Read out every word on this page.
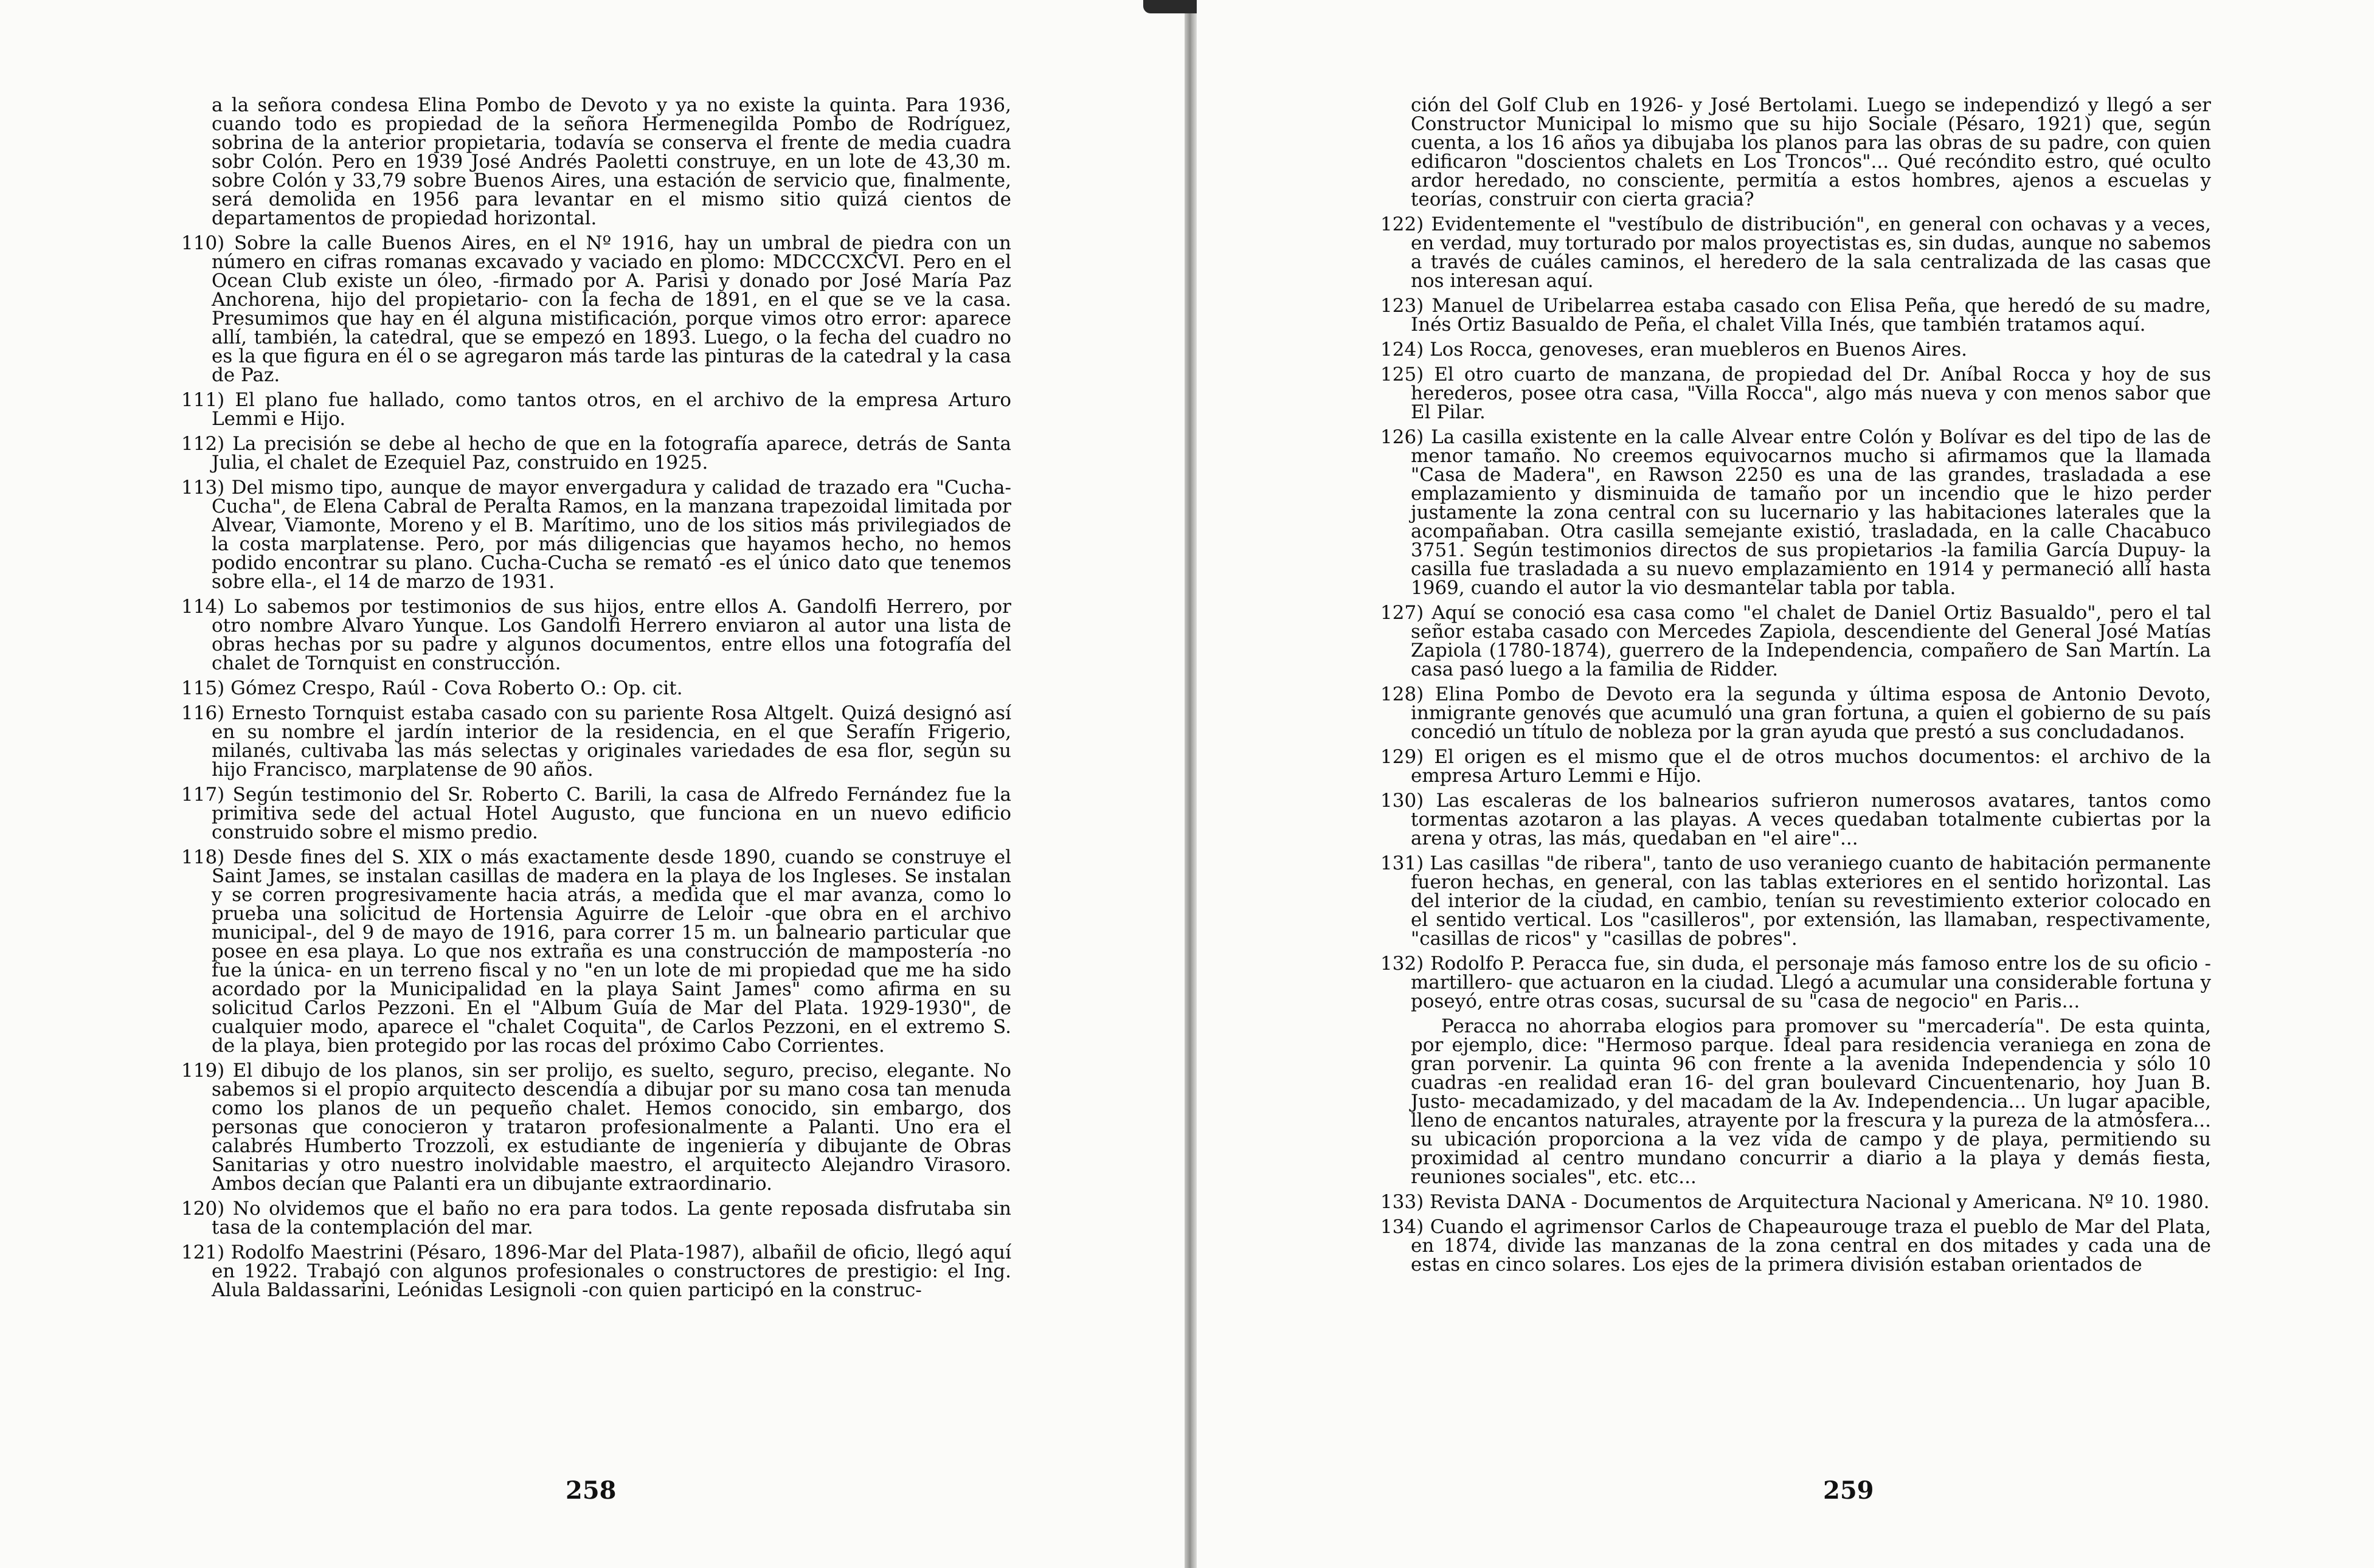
a la señora condesa Elina Pombo de Devoto y ya no existe la quinta. Para 1936, cuando todo es propiedad de la señora Hermenegilda Pombo de Rodríguez, sobrina de la anterior propietaria, todavía se conserva el frente de media cuadra sobr Colón. Pero en 1939 José Andrés Paoletti construye, en un lote de 43,30 m. sobre Colón y 33,79 sobre Buenos Aires, una estación de servicio que, finalmente, será demolida en 1956 para levantar en el mismo sitio quizá cientos de departamentos de propiedad horizontal.

110) Sobre la calle Buenos Aires, en el Nº 1916, hay un umbral de piedra con un número en cifras romanas excavado y vaciado en plomo: MDCCCXCVI. Pero en el Ocean Club existe un óleo, -firmado por A. Parisi y donado por José María Paz Anchorena, hijo del propietario- con la fecha de 1891, en el que se ve la casa. Presumimos que hay en él alguna mistificación, porque vimos otro error: aparece allí, también, la catedral, que se empezó en 1893. Luego, o la fecha del cuadro no es la que figura en él o se agregaron más tarde las pinturas de la catedral y la casa de Paz.

111) El plano fue hallado, como tantos otros, en el archivo de la empresa Arturo Lemmi e Hijo.

112) La precisión se debe al hecho de que en la fotografía aparece, detrás de Santa Julia, el chalet de Ezequiel Paz, construido en 1925.

113) Del mismo tipo, aunque de mayor envergadura y calidad de trazado era "Cucha-Cucha", de Elena Cabral de Peralta Ramos, en la manzana trapezoidal limitada por Alvear, Viamonte, Moreno y el B. Marítimo, uno de los sitios más privilegiados de la costa marplatense. Pero, por más diligencias que hayamos hecho, no hemos podido encontrar su plano. Cucha-Cucha se remató -es el único dato que tenemos sobre ella-, el 14 de marzo de 1931.

114) Lo sabemos por testimonios de sus hijos, entre ellos A. Gandolfi Herrero, por otro nombre Alvaro Yunque. Los Gandolfi Herrero enviaron al autor una lista de obras hechas por su padre y algunos documentos, entre ellos una fotografía del chalet de Tornquist en construcción.

115) Gómez Crespo, Raúl - Cova Roberto O.: Op. cit.

116) Ernesto Tornquist estaba casado con su pariente Rosa Altgelt. Quizá designó así en su nombre el jardín interior de la residencia, en el que Serafín Frigerio, milanés, cultivaba las más selectas y originales variedades de esa flor, según su hijo Francisco, marplatense de 90 años.

117) Según testimonio del Sr. Roberto C. Barili, la casa de Alfredo Fernández fue la primitiva sede del actual Hotel Augusto, que funciona en un nuevo edificio construido sobre el mismo predio.

118) Desde fines del S. XIX o más exactamente desde 1890, cuando se construye el Saint James, se instalan casillas de madera en la playa de los Ingleses. Se instalan y se corren progresivamente hacia atrás, a medida que el mar avanza, como lo prueba una solicitud de Hortensia Aguirre de Leloir -que obra en el archivo municipal-, del 9 de mayo de 1916, para correr 15 m. un balneario particular que posee en esa playa. Lo que nos extraña es una construcción de mampostería -no fue la única- en un terreno fiscal y no "en un lote de mi propiedad que me ha sido acordado por la Municipalidad en la playa Saint James" como afirma en su solicitud Carlos Pezzoni. En el "Album Guía de Mar del Plata. 1929-1930", de cualquier modo, aparece el "chalet Coquita", de Carlos Pezzoni, en el extremo S. de la playa, bien protegido por las rocas del próximo Cabo Corrientes.

119) El dibujo de los planos, sin ser prolijo, es suelto, seguro, preciso, elegante. No sabemos si el propio arquitecto descendía a dibujar por su mano cosa tan menuda como los planos de un pequeño chalet. Hemos conocido, sin embargo, dos personas que conocieron y trataron profesionalmente a Palanti. Uno era el calabrés Humberto Trozzoli, ex estudiante de ingeniería y dibujante de Obras Sanitarias y otro nuestro inolvidable maestro, el arquitecto Alejandro Virasoro. Ambos decían que Palanti era un dibujante extraordinario.

120) No olvidemos que el baño no era para todos. La gente reposada disfrutaba sin tasa de la contemplación del mar.

121) Rodolfo Maestrini (Pésaro, 1896-Mar del Plata-1987), albañil de oficio, llegó aquí en 1922. Trabajó con algunos profesionales o constructores de prestigio: el Ing. Alula Baldassarini, Leónidas Lesignoli -con quien participó en la construc-

258

ción del Golf Club en 1926- y José Bertolami. Luego se independizó y llegó a ser Constructor Municipal lo mismo que su hijo Sociale (Pésaro, 1921) que, según cuenta, a los 16 años ya dibujaba los planos para las obras de su padre, con quien edificaron "doscientos chalets en Los Troncos"... Qué recóndito estro, qué oculto ardor heredado, no consciente, permitía a estos hombres, ajenos a escuelas y teorías, construir con cierta gracia?

122) Evidentemente el "vestíbulo de distribución", en general con ochavas y a veces, en verdad, muy torturado por malos proyectistas es, sin dudas, aunque no sabemos a través de cuáles caminos, el heredero de la sala centralizada de las casas que nos interesan aquí.

123) Manuel de Uribelarrea estaba casado con Elisa Peña, que heredó de su madre, Inés Ortiz Basualdo de Peña, el chalet Villa Inés, que también tratamos aquí.

124) Los Rocca, genoveses, eran muebleros en Buenos Aires.

125) El otro cuarto de manzana, de propiedad del Dr. Aníbal Rocca y hoy de sus herederos, posee otra casa, "Villa Rocca", algo más nueva y con menos sabor que El Pilar.

126) La casilla existente en la calle Alvear entre Colón y Bolívar es del tipo de las de menor tamaño. No creemos equivocarnos mucho si afirmamos que la llamada "Casa de Madera", en Rawson 2250 es una de las grandes, trasladada a ese emplazamiento y disminuida de tamaño por un incendio que le hizo perder justamente la zona central con su lucernario y las habitaciones laterales que la acompañaban. Otra casilla semejante existió, trasladada, en la calle Chacabuco 3751. Según testimonios directos de sus propietarios -la familia García Dupuy- la casilla fue trasladada a su nuevo emplazamiento en 1914 y permaneció allí hasta 1969, cuando el autor la vio desmantelar tabla por tabla.

127) Aquí se conoció esa casa como "el chalet de Daniel Ortiz Basualdo", pero el tal señor estaba casado con Mercedes Zapiola, descendiente del General José Matías Zapiola (1780-1874), guerrero de la Independencia, compañero de San Martín. La casa pasó luego a la familia de Ridder.

128) Elina Pombo de Devoto era la segunda y última esposa de Antonio Devoto, inmigrante genovés que acumuló una gran fortuna, a quien el gobierno de su país concedió un título de nobleza por la gran ayuda que prestó a sus concludadanos.

129) El origen es el mismo que el de otros muchos documentos: el archivo de la empresa Arturo Lemmi e Hijo.

130) Las escaleras de los balnearios sufrieron numerosos avatares, tantos como tormentas azotaron a las playas. A veces quedaban totalmente cubiertas por la arena y otras, las más, quedaban en "el aire"...

131) Las casillas "de ribera", tanto de uso veraniego cuanto de habitación permanente fueron hechas, en general, con las tablas exteriores en el sentido horizontal. Las del interior de la ciudad, en cambio, tenían su revestimiento exterior colocado en el sentido vertical. Los "casilleros", por extensión, las llamaban, respectivamente, "casillas de ricos" y "casillas de pobres".

132) Rodolfo P. Peracca fue, sin duda, el personaje más famoso entre los de su oficio -martillero- que actuaron en la ciudad. Llegó a acumular una considerable fortuna y poseyó, entre otras cosas, sucursal de su "casa de negocio" en Paris...

Peracca no ahorraba elogios para promover su "mercadería". De esta quinta, por ejemplo, dice: "Hermoso parque. Ideal para residencia veraniega en zona de gran porvenir. La quinta 96 con frente a la avenida Independencia y sólo 10 cuadras -en realidad eran 16- del gran boulevard Cincuentenario, hoy Juan B. Justo- mecadamizado, y del macadam de la Av. Independencia... Un lugar apacible, lleno de encantos naturales, atrayente por la frescura y la pureza de la atmósfera... su ubicación proporciona a la vez vida de campo y de playa, permitiendo su proximidad al centro mundano concurrir a diario a la playa y demás fiesta, reuniones sociales", etc. etc...

133) Revista DANA - Documentos de Arquitectura Nacional y Americana. Nº 10. 1980.

134) Cuando el agrimensor Carlos de Chapeaurouge traza el pueblo de Mar del Plata, en 1874, divide las manzanas de la zona central en dos mitades y cada una de estas en cinco solares. Los ejes de la primera división estaban orientados de

259
